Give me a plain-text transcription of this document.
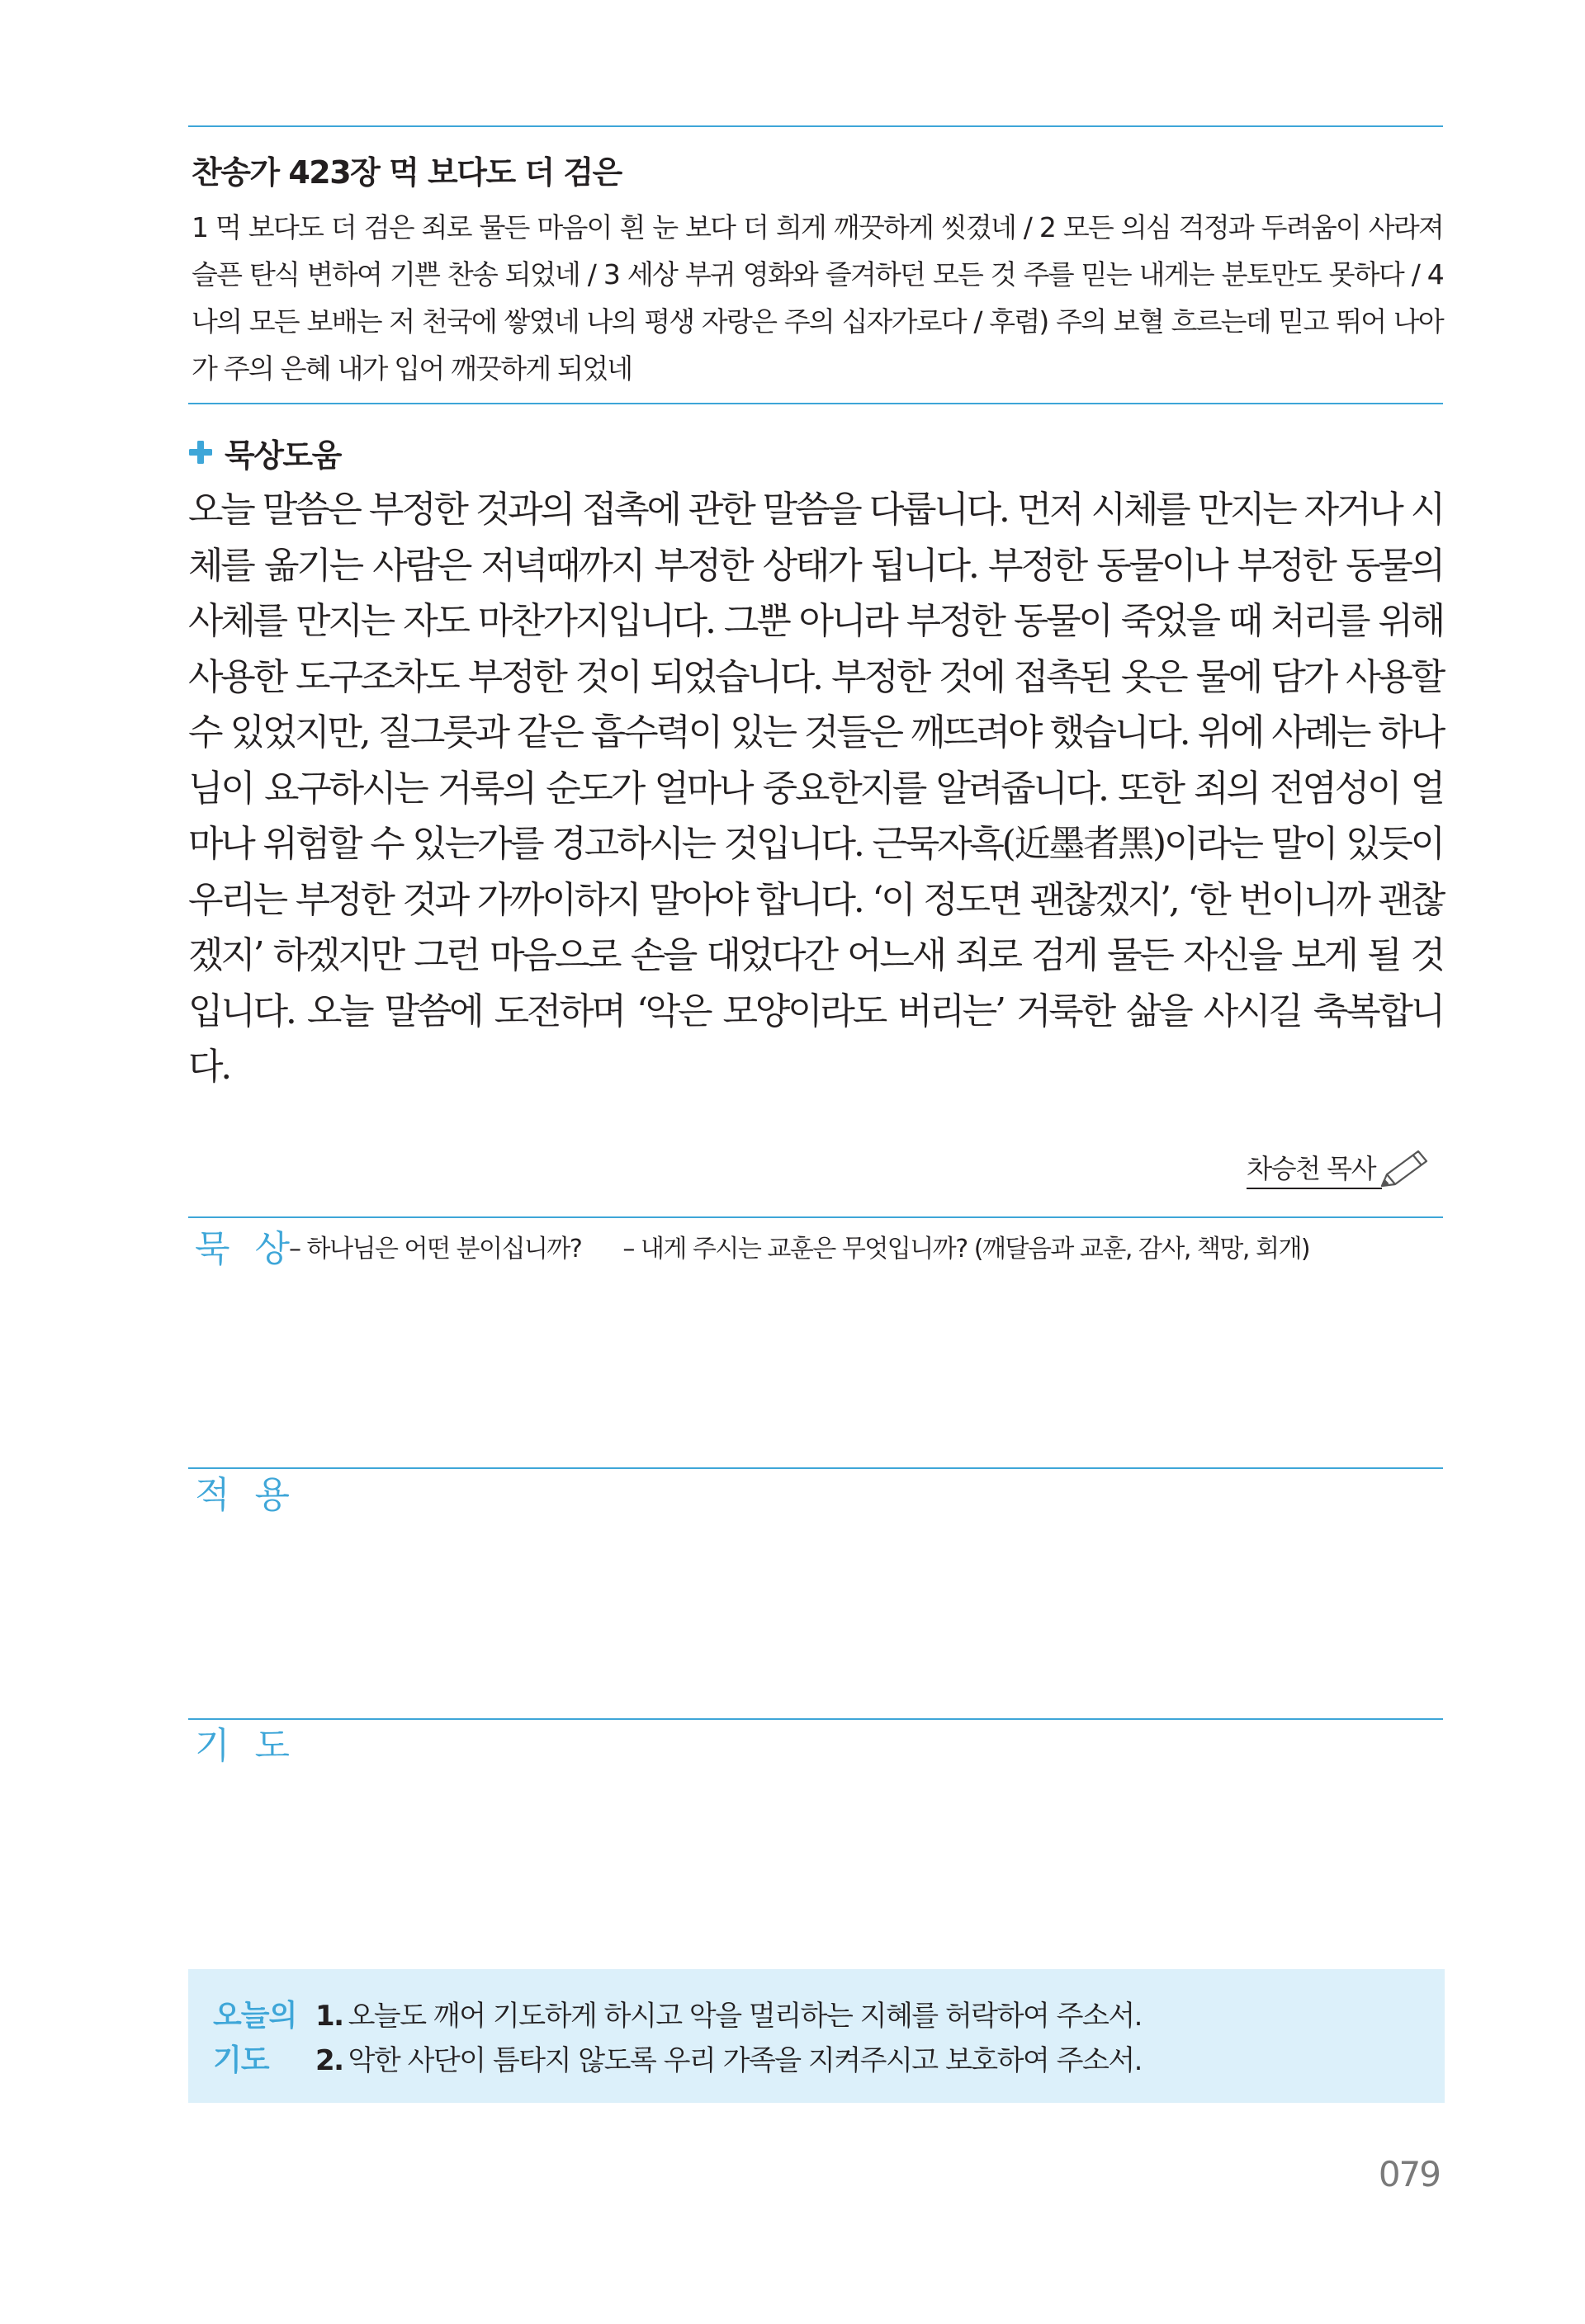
찬송가 423장 먹 보다도 더 검은
1 먹 보다도 더 검은 죄로 물든 마음이 흰 눈 보다 더 희게 깨끗하게 씻겼네 / 2 모든 의심 걱정과 두려움이 사라져 슬픈 탄식 변하여 기쁜 찬송 되었네 / 3 세상 부귀 영화와 즐겨하던 모든 것 주를 믿는 내게는 분토만도 못하다 / 4 나의 모든 보배는 저 천국에 쌓였네 나의 평생 자랑은 주의 십자가로다 / 후렴) 주의 보혈 흐르는데 믿고 뛰어 나아가 주의 은혜 내가 입어 깨끗하게 되었네
묵상도움
오늘 말씀은 부정한 것과의 접촉에 관한 말씀을 다룹니다. 먼저 시체를 만지는 자거나 시체를 옮기는 사람은 저녁때까지 부정한 상태가 됩니다. 부정한 동물이나 부정한 동물의 사체를 만지는 자도 마찬가지입니다. 그뿐 아니라 부정한 동물이 죽었을 때 처리를 위해 사용한 도구조차도 부정한 것이 되었습니다. 부정한 것에 접촉된 옷은 물에 담가 사용할 수 있었지만, 질그릇과 같은 흡수력이 있는 것들은 깨뜨려야 했습니다. 위에 사례는 하나님이 요구하시는 거룩의 순도가 얼마나 중요한지를 알려줍니다. 또한 죄의 전염성이 얼마나 위험할 수 있는가를 경고하시는 것입니다. 근묵자흑(近墨者黑)이라는 말이 있듯이 우리는 부정한 것과 가까이하지 말아야 합니다. ‘이 정도면 괜찮겠지’, ‘한 번이니까 괜찮겠지’ 하겠지만 그런 마음으로 손을 대었다간 어느새 죄로 검게 물든 자신을 보게 될 것입니다. 오늘 말씀에 도전하며 ‘악은 모양이라도 버리는’ 거룩한 삶을 사시길 축복합니다.
차승천 목사
묵 상
– 하나님은 어떤 분이십니까? – 내게 주시는 교훈은 무엇입니까? (깨달음과 교훈, 감사, 책망, 회개)
적 용
기 도
오늘의
기도
1. 오늘도 깨어 기도하게 하시고 악을 멀리하는 지혜를 허락하여 주소서.
2. 악한 사단이 틈타지 않도록 우리 가족을 지켜주시고 보호하여 주소서.
079
